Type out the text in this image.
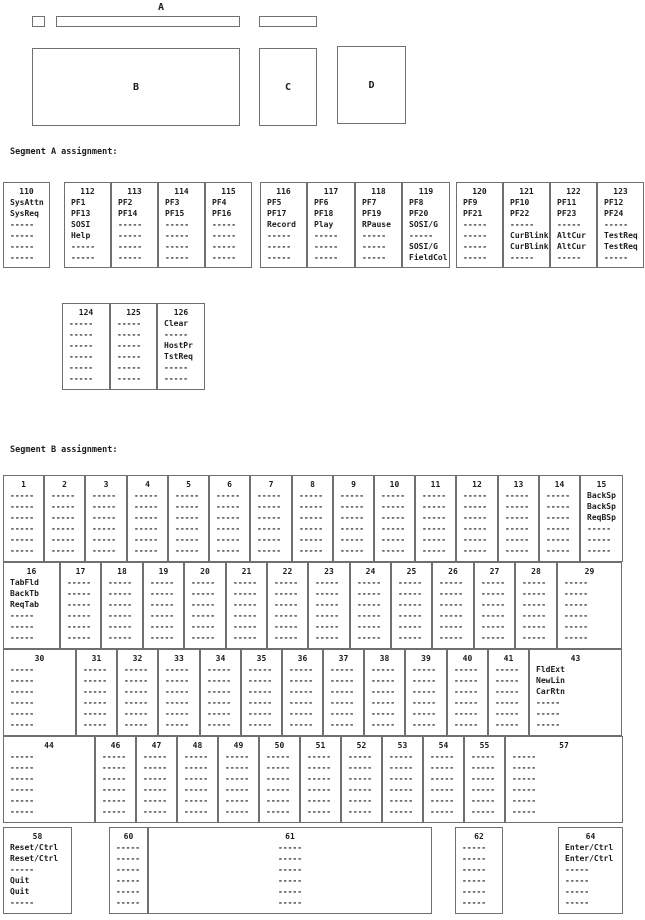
A
B	C	D
Segment A assignment:
110
SysAttn
SysReq
-----
-----
-----
-----
112
PF1
PF13
SOSI
Help
-----
-----
113
PF2
PF14
-----
-----
-----
-----
114
PF3
PF15
-----
-----
-----
-----
115
PF4
PF16
-----
-----
-----
-----
116
PF5
PF17
Record
-----
-----
-----
117
PF6
PF18
Play
-----
-----
-----
118
PF7
PF19
RPause
-----
-----
-----
119
PF8
PF20
SOSI/G
-----
SOSI/G
FieldCol
120
PF9
PF21
-----
-----
-----
-----
121
PF10
PF22
-----
CurBlink
CurBlink
-----
122
PF11
PF23
-----
AltCur
AltCur
-----
123
PF12
PF24
-----
TestReq
TestReq
-----
124
-----
-----
-----
-----
-----
-----
125
-----
-----
-----
-----
-----
-----
126
Clear
-----
HostPr
TstReq
-----
-----
Segment B assignment:
1
-----
-----
-----
-----
-----
-----
2
-----
-----
-----
-----
-----
-----
3
-----
-----
-----
-----
-----
-----
4
-----
-----
-----
-----
-----
-----
5
-----
-----
-----
-----
-----
-----
6
-----
-----
-----
-----
-----
-----
7
-----
-----
-----
-----
-----
-----
8
-----
-----
-----
-----
-----
-----
9
-----
-----
-----
-----
-----
-----
10
-----
-----
-----
-----
-----
-----
11
-----
-----
-----
-----
-----
-----
12
-----
-----
-----
-----
-----
-----
13
-----
-----
-----
-----
-----
-----
14
-----
-----
-----
-----
-----
-----
15
BackSp
BackSp
ReqBSp
-----
-----
-----
16
TabFld
BackTb
ReqTab
-----
-----
-----
17
-----
-----
-----
-----
-----
-----
18
-----
-----
-----
-----
-----
-----
19
-----
-----
-----
-----
-----
-----
20
-----
-----
-----
-----
-----
-----
21
-----
-----
-----
-----
-----
-----
22
-----
-----
-----
-----
-----
-----
23
-----
-----
-----
-----
-----
-----
24
-----
-----
-----
-----
-----
-----
25
-----
-----
-----
-----
-----
-----
26
-----
-----
-----
-----
-----
-----
27
-----
-----
-----
-----
-----
-----
28
-----
-----
-----
-----
-----
-----
29
-----
-----
-----
-----
-----
-----
30
-----
-----
-----
-----
-----
-----
31
-----
-----
-----
-----
-----
-----
32
-----
-----
-----
-----
-----
-----
33
-----
-----
-----
-----
-----
-----
34
-----
-----
-----
-----
-----
-----
35
-----
-----
-----
-----
-----
-----
36
-----
-----
-----
-----
-----
-----
37
-----
-----
-----
-----
-----
-----
38
-----
-----
-----
-----
-----
-----
39
-----
-----
-----
-----
-----
-----
40
-----
-----
-----
-----
-----
-----
41
-----
-----
-----
-----
-----
-----
43
FldExt
NewLin
CarRtn
-----
-----
-----
44
-----
-----
-----
-----
-----
-----
46
-----
-----
-----
-----
-----
-----
47
-----
-----
-----
-----
-----
-----
48
-----
-----
-----
-----
-----
-----
49
-----
-----
-----
-----
-----
-----
50
-----
-----
-----
-----
-----
-----
51
-----
-----
-----
-----
-----
-----
52
-----
-----
-----
-----
-----
-----
53
-----
-----
-----
-----
-----
-----
54
-----
-----
-----
-----
-----
-----
55
-----
-----
-----
-----
-----
-----
57
-----
-----
-----
-----
-----
-----
58
Reset/Ctrl
Reset/Ctrl
-----
Quit
Quit
-----
60
-----
-----
-----
-----
-----
-----
61
-----
-----
-----
-----
-----
-----
62
-----
-----
-----
-----
-----
-----
64
Enter/Ctrl
Enter/Ctrl
-----
-----
-----
-----
